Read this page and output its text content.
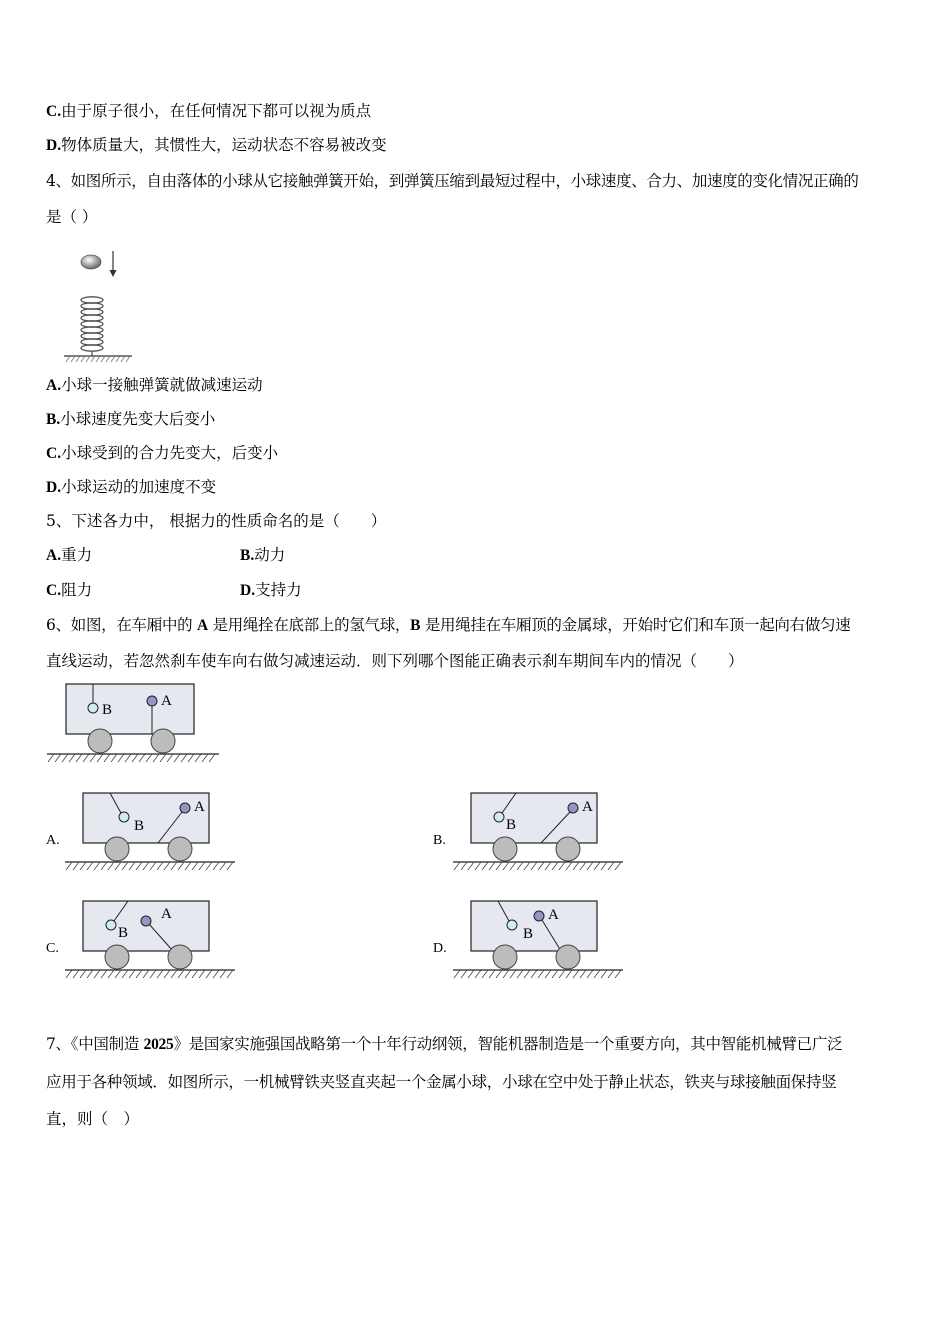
C.由于原子很小，在任何情况下都可以视为质点
D.物体质量大，其惯性大，运动状态不容易被改变
4、如图所示，自由落体的小球从它接触弹簧开始，到弹簧压缩到最短过程中，小球速度、合力、加速度的变化情况正确的
是（ ）
A.小球一接触弹簧就做减速运动
B.小球速度先变大后变小
C.小球受到的合力先变大，后变小
D.小球运动的加速度不变
5、下述各力中， 根据力的性质命名的是（　　）
A.重力	B.动力
C.阻力	D.支持力
6、如图，在车厢中的 A 是用绳拴在底部上的氢气球，B 是用绳挂在车厢顶的金属球，开始时它们和车顶一起向右做匀速
直线运动，若忽然刹车使车向右做匀减速运动．则下列哪个图能正确表示刹车期间车内的情况（　　）
B
A
A.
B
A
B.
B
A
C.
B
A
D.
B
A
7、《中国制造 2025》是国家实施强国战略第一个十年行动纲领，智能机器制造是一个重要方向，其中智能机械臂已广泛
应用于各种领域．如图所示，一机械臂铁夹竖直夹起一个金属小球，小球在空中处于静止状态，铁夹与球接触面保持竖
直，则（　）
